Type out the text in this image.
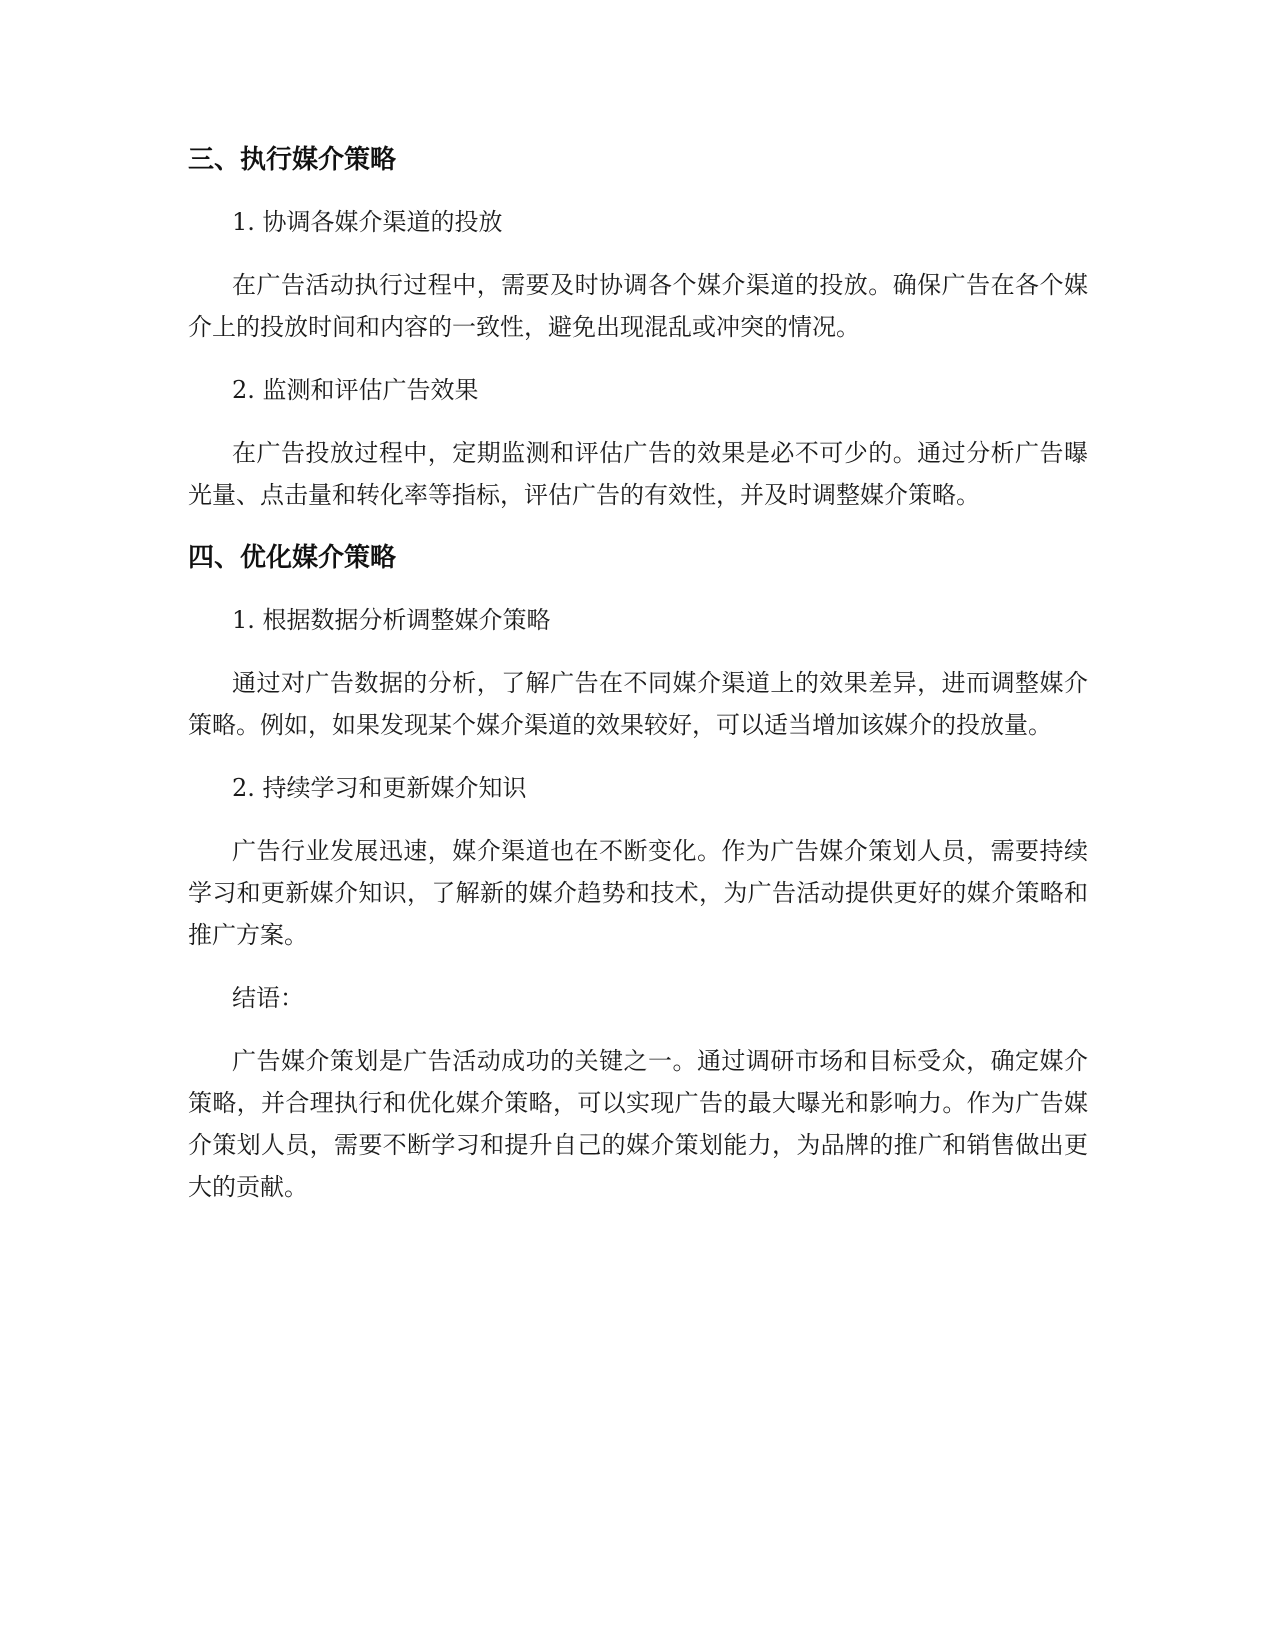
三、执行媒介策略

1. 协调各媒介渠道的投放

在广告活动执行过程中，需要及时协调各个媒介渠道的投放。确保广告在各个媒介上的投放时间和内容的一致性，避免出现混乱或冲突的情况。

2. 监测和评估广告效果

在广告投放过程中，定期监测和评估广告的效果是必不可少的。通过分析广告曝光量、点击量和转化率等指标，评估广告的有效性，并及时调整媒介策略。

四、优化媒介策略

1. 根据数据分析调整媒介策略

通过对广告数据的分析，了解广告在不同媒介渠道上的效果差异，进而调整媒介策略。例如，如果发现某个媒介渠道的效果较好，可以适当增加该媒介的投放量。

2. 持续学习和更新媒介知识

广告行业发展迅速，媒介渠道也在不断变化。作为广告媒介策划人员，需要持续学习和更新媒介知识，了解新的媒介趋势和技术，为广告活动提供更好的媒介策略和推广方案。

结语：

广告媒介策划是广告活动成功的关键之一。通过调研市场和目标受众，确定媒介策略，并合理执行和优化媒介策略，可以实现广告的最大曝光和影响力。作为广告媒介策划人员，需要不断学习和提升自己的媒介策划能力，为品牌的推广和销售做出更大的贡献。
